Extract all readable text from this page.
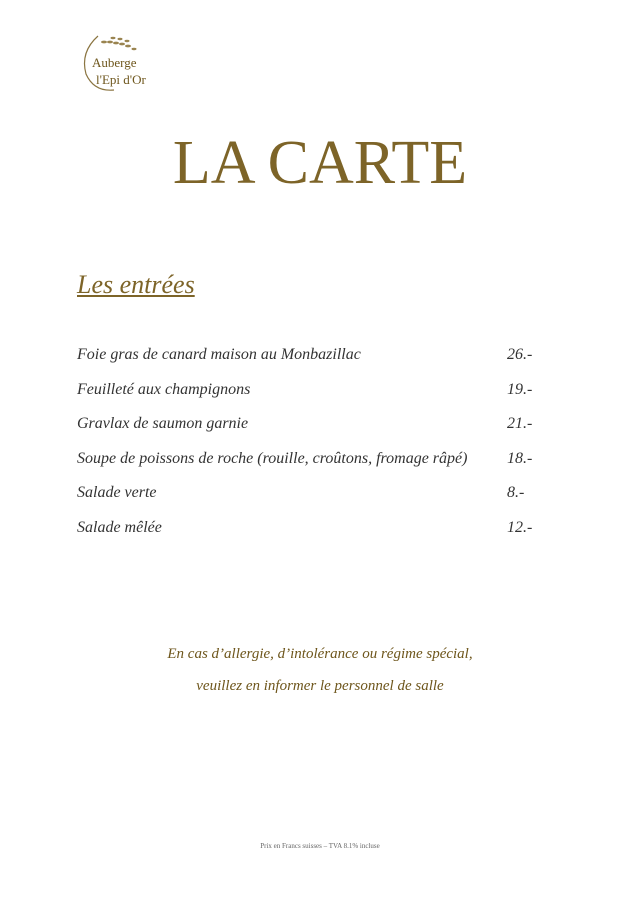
Auberge
l'Epi d'Or
LA CARTE
Les entrées
Foie gras de canard maison au Monbazillac	26.-
Feuilleté aux champignons	19.-
Gravlax de saumon garnie	21.-
Soupe de poissons de roche (rouille, croûtons, fromage râpé) 18.-
Salade verte	8.-
Salade mêlée	12.-
En cas d’allergie, d’intolérance ou régime spécial,
veuillez en informer le personnel de salle
Prix en Francs suisses – TVA 8.1% incluse
